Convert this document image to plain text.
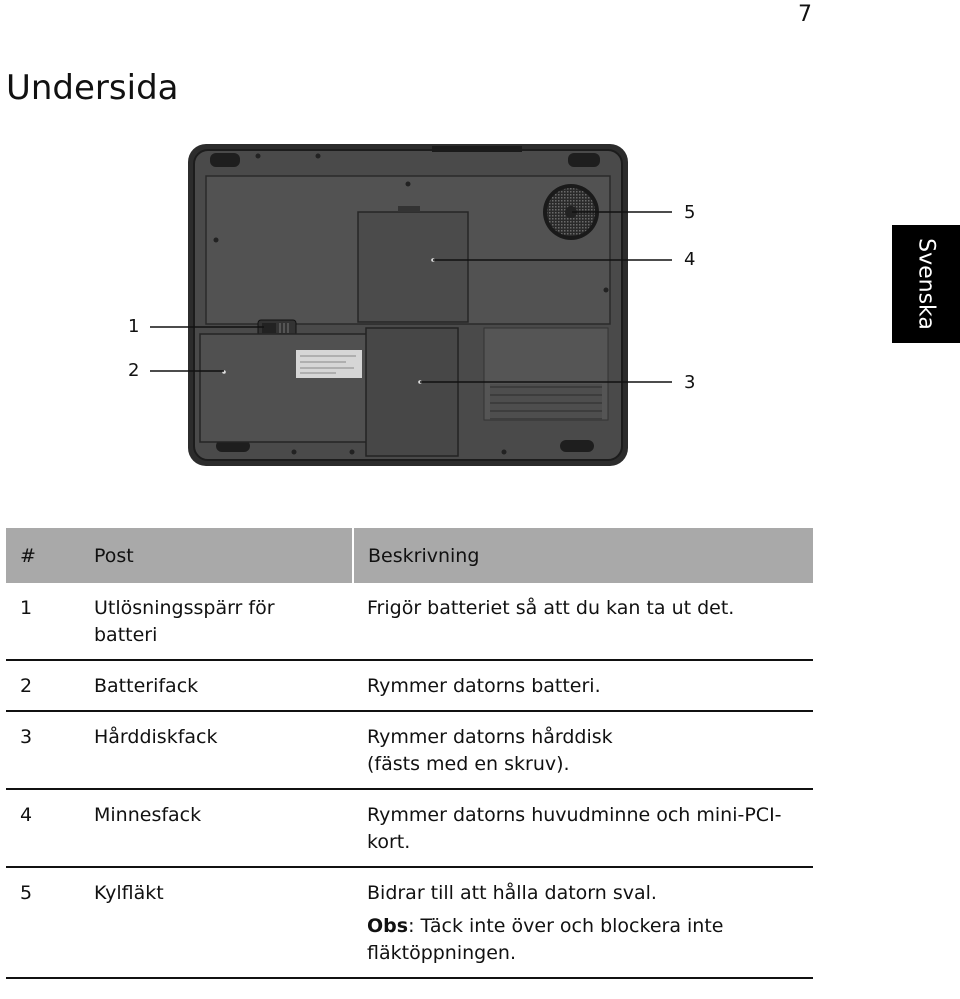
7
Undersida
Svenska
1
2
3
4
5
#	Post	Beskrivning
1	Utlösningsspärr för batteri	Frigör batteriet så att du kan ta ut det.
2	Batterifack	Rymmer datorns batteri.
3	Hårddiskfack	Rymmer datorns hårddisk (fästs med en skruv).
4	Minnesfack	Rymmer datorns huvudminne och mini-PCI-kort.
5	Kylfläkt	Bidrar till att hålla datorn sval.
Obs: Täck inte över och blockera inte fläktöppningen.
